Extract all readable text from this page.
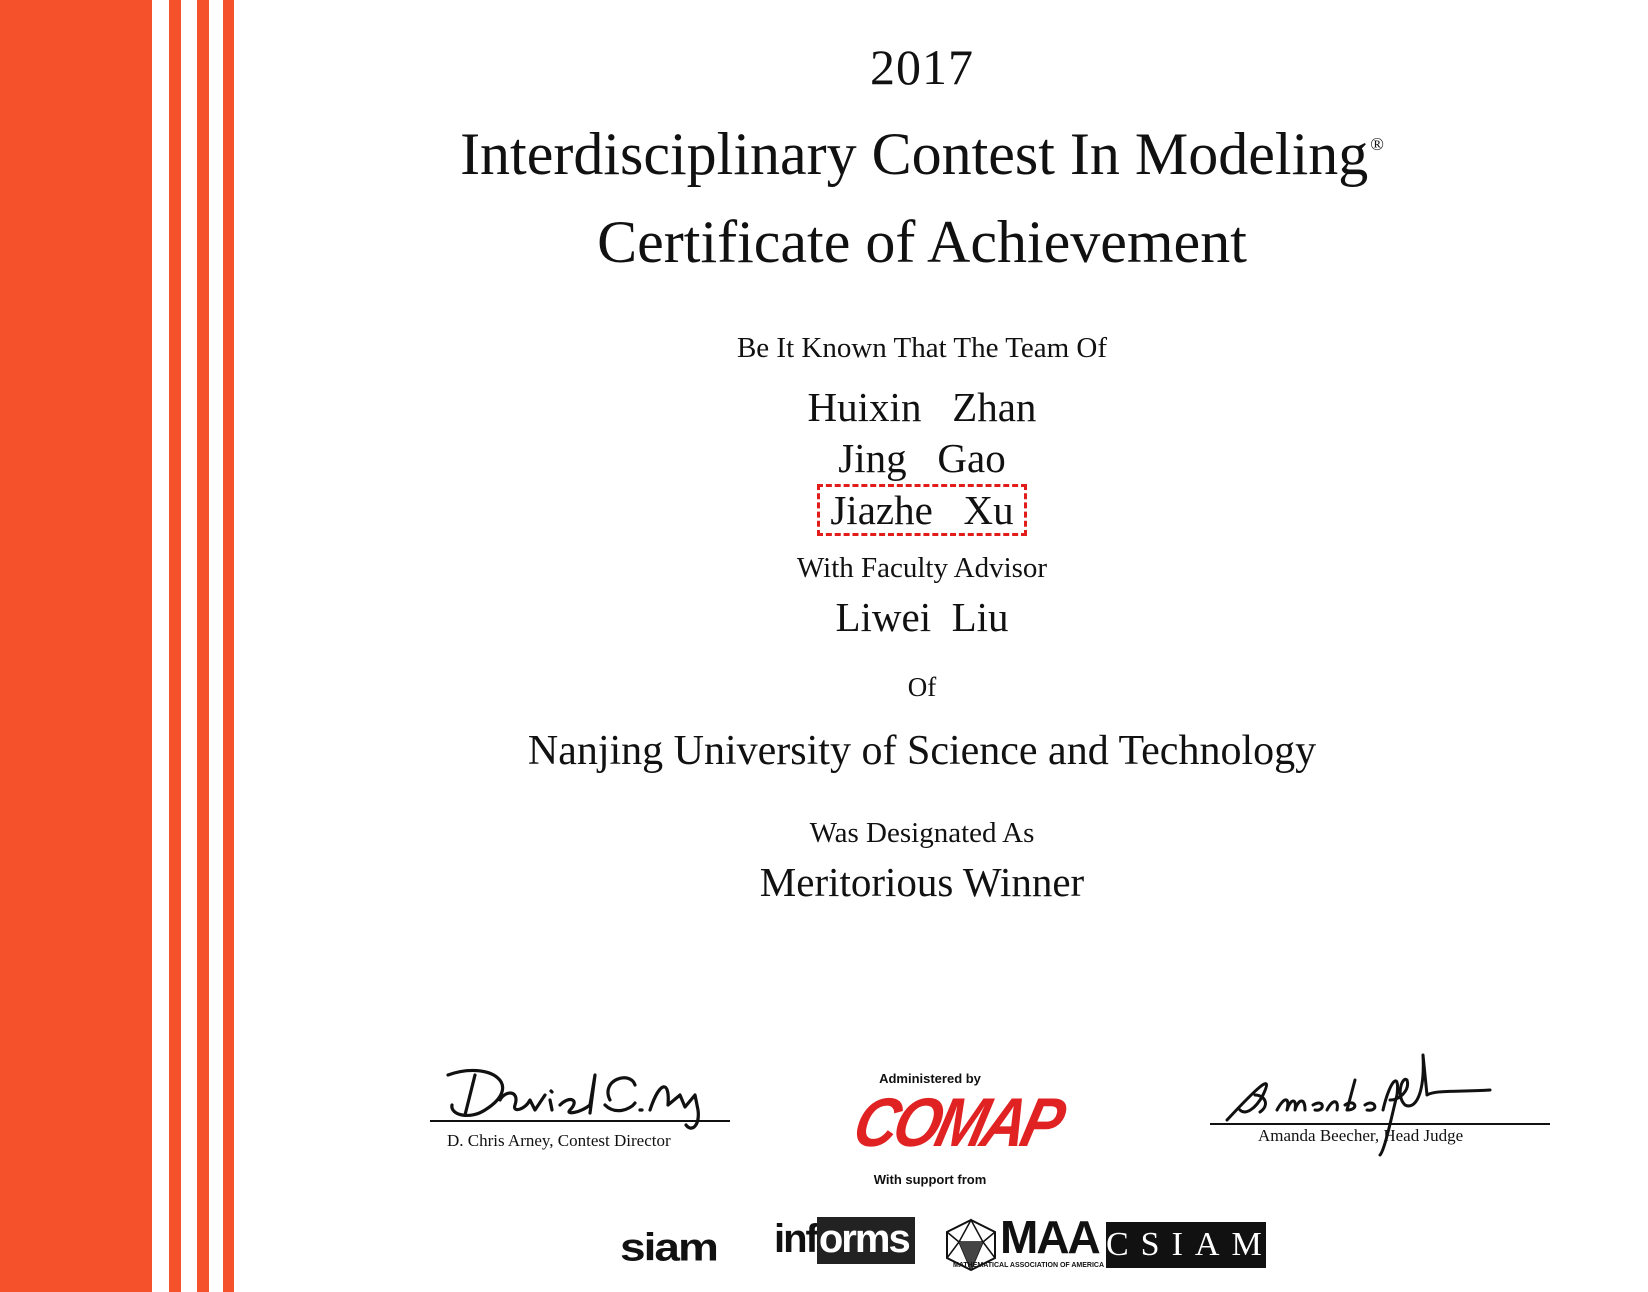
2017
Interdisciplinary Contest In Modeling ®
Certificate of Achievement
Be It Known That The Team Of
Huixin   Zhan
Jing   Gao
Jiazhe   Xu
With Faculty Advisor
Liwei  Liu
Of
Nanjing University of Science and Technology
Was Designated As
Meritorious Winner
D. Chris Arney, Contest Director	Amanda Beecher, Head Judge
Administered by
COMAP
With support from
siam informs MAA
MATHEMATICAL ASSOCIATION OF AMERICA
CSIAM
